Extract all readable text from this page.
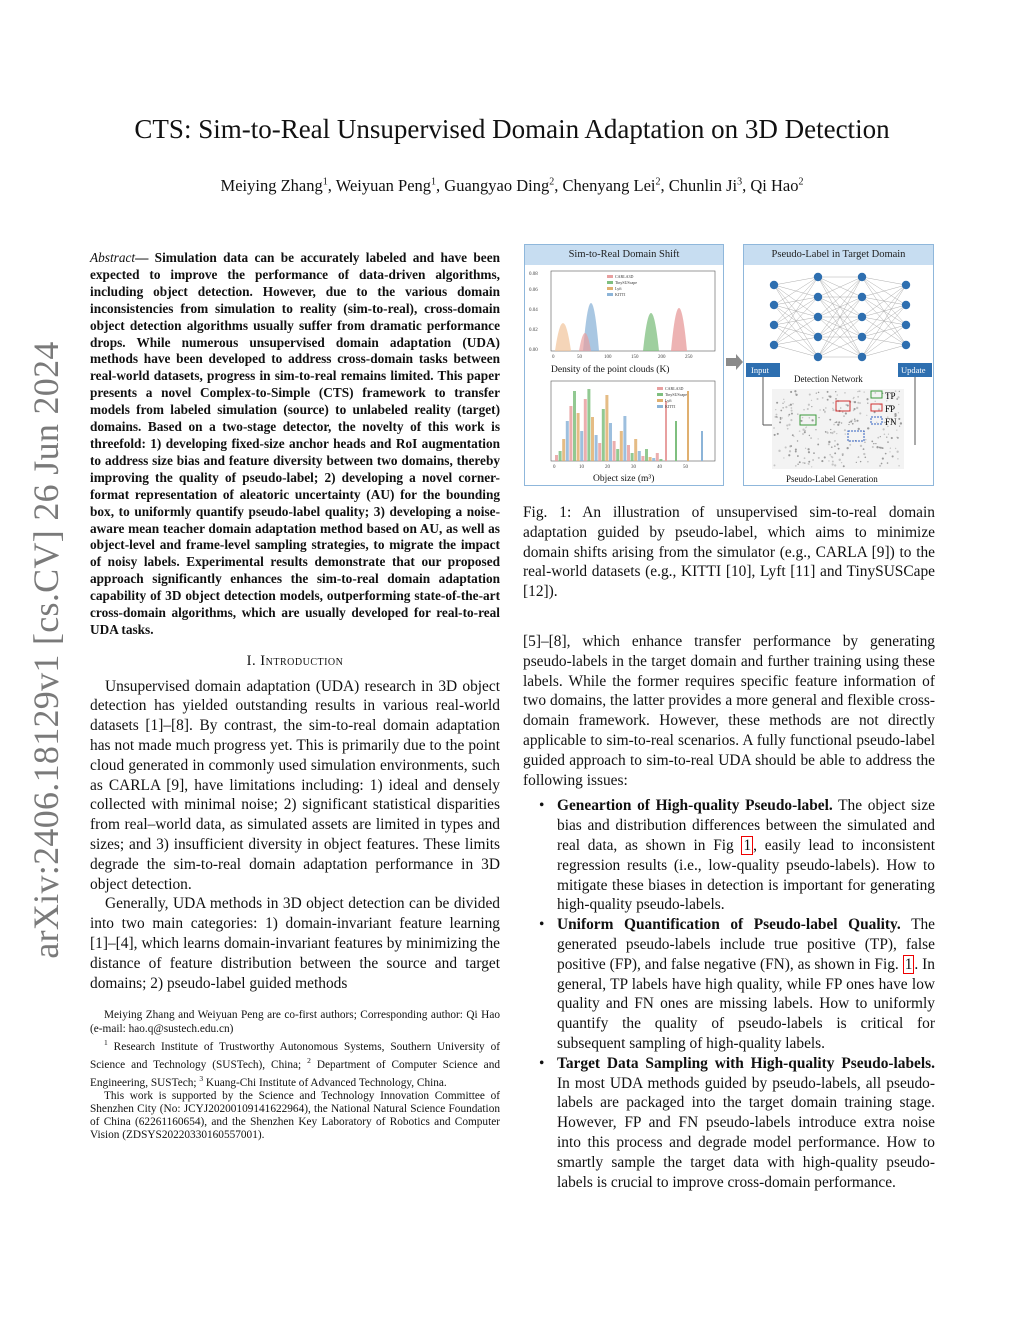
arXiv:2406.18129v1 [cs.CV] 26 Jun 2024
CTS: Sim-to-Real Unsupervised Domain Adaptation on 3D Detection
Meiying Zhang$^1$, Weiyuan Peng$^1$, Guangyao Ding$^2$, Chenyang Lei$^2$, Chunlin Ji$^3$, Qi Hao$^2$
Abstract— Simulation data can be accurately labeled and have been expected to improve the performance of data-driven algorithms, including object detection. However, due to the various domain inconsistencies from simulation to reality (sim-to-real), cross-domain object detection algorithms usually suffer from dramatic performance drops. While numerous unsupervised domain adaptation (UDA) methods have been developed to address cross-domain tasks between real-world datasets, progress in sim-to-real remains limited. This paper presents a novel Complex-to-Simple (CTS) framework to transfer models from labeled simulation (source) to unlabeled reality (target) domains. Based on a two-stage detector, the novelty of this work is threefold: 1) developing fixed-size anchor heads and RoI augmentation to address size bias and feature diversity between two domains, thereby improving the quality of pseudo-label; 2) developing a novel corner-format representation of aleatoric uncertainty (AU) for the bounding box, to uniformly quantify pseudo-label quality; 3) developing a noise-aware mean teacher domain adaptation method based on AU, as well as object-level and frame-level sampling strategies, to migrate the impact of noisy labels. Experimental results demonstrate that our proposed approach significantly enhances the sim-to-real domain adaptation capability of 3D object detection models, outperforming state-of-the-art cross-domain algorithms, which are usually developed for real-to-real UDA tasks.
I. Introduction

Unsupervised domain adaptation (UDA) research in 3D object detection has yielded outstanding results in various real-world datasets [1]–[8]. By contrast, the sim-to-real domain adaptation has not made much progress yet. This is primarily due to the point cloud generated in commonly used simulation environments, such as CARLA [9], have limitations including: 1) ideal and densely collected with minimal noise; 2) significant statistical disparities from real–world data, as simulated assets are limited in types and sizes; and 3) insufficient diversity in object features. These limits degrade the sim-to-real domain adaptation performance in 3D object detection.

Generally, UDA methods in 3D object detection can be divided into two main categories: 1) domain-invariant feature learning [1]–[4], which learns domain-invariant features by minimizing the distance of feature distribution between the source and target domains; 2) pseudo-label guided methods

Meiying Zhang and Weiyuan Peng are co-first authors; Corresponding author: Qi Hao (e-mail: hao.q@sustech.edu.cn)

$^1$ Research Institute of Trustworthy Autonomous Systems, Southern University of Science and Technology (SUSTech), China; $^2$ Department of Computer Science and Engineering, SUSTech; $^3$ Kuang-Chi Institute of Advanced Technology, China.

This work is supported by the Science and Technology Innovation Committee of Shenzhen City (No: JCYJ20200109141622964), the National Natural Science Foundation of China (62261160654), and the Shenzhen Key Laboratory of Robotics and Computer Vision (ZDSYS20220330160557001).

Sim-to-Real Domain Shift
0.00
0.02
0.04
0.06
0.08
0	50	100	150	200	250
CARLA3D
TinySUScape
Lyft
KITTI
Density of the point clouds (K)
CARLA3D
TinySUScape
Lyft
KITTI
0	10	20	30	40	50
Object size (m³)
Pseudo-Label in Target Domain
Input	Update
Detection Network
TP
FP
FN
Pseudo-Label Generation

Fig. 1: An illustration of unsupervised sim-to-real domain adaptation guided by pseudo-label, which aims to minimize domain shifts arising from the simulator (e.g., CARLA [9]) to the real-world datasets (e.g., KITTI [10], Lyft [11] and TinySUSCape [12]).

[5]–[8], which enhance transfer performance by generating pseudo-labels in the target domain and further training using these labels. While the former requires specific feature information of two domains, the latter provides a more general and flexible cross-domain framework. However, these methods are not directly applicable to sim-to-real scenarios. A fully functional pseudo-label guided approach to sim-to-real UDA should be able to address the following issues:

• Geneartion of High-quality Pseudo-label. The object size bias and distribution differences between the simulated and real data, as shown in Fig 1 , easily lead to inconsistent regression results (i.e., low-quality pseudo-labels). How to mitigate these biases in detection is important for generating high-quality pseudo-labels.
• Uniform Quantification of Pseudo-label Quality. The generated pseudo-labels include true positive (TP), false positive (FP), and false negative (FN), as shown in Fig. 1 . In general, TP labels have high quality, while FP ones have low quality and FN ones are missing labels. How to uniformly quantify the quality of pseudo-labels is critical for subsequent sampling of high-quality labels.
• Target Data Sampling with High-quality Pseudo-labels. In most UDA methods guided by pseudo-labels, all pseudo-labels are packaged into the target domain training stage. However, FP and FN pseudo-labels introduce extra noise into this process and degrade model performance. How to smartly sample the target data with high-quality pseudo-labels is crucial to improve cross-domain performance.
